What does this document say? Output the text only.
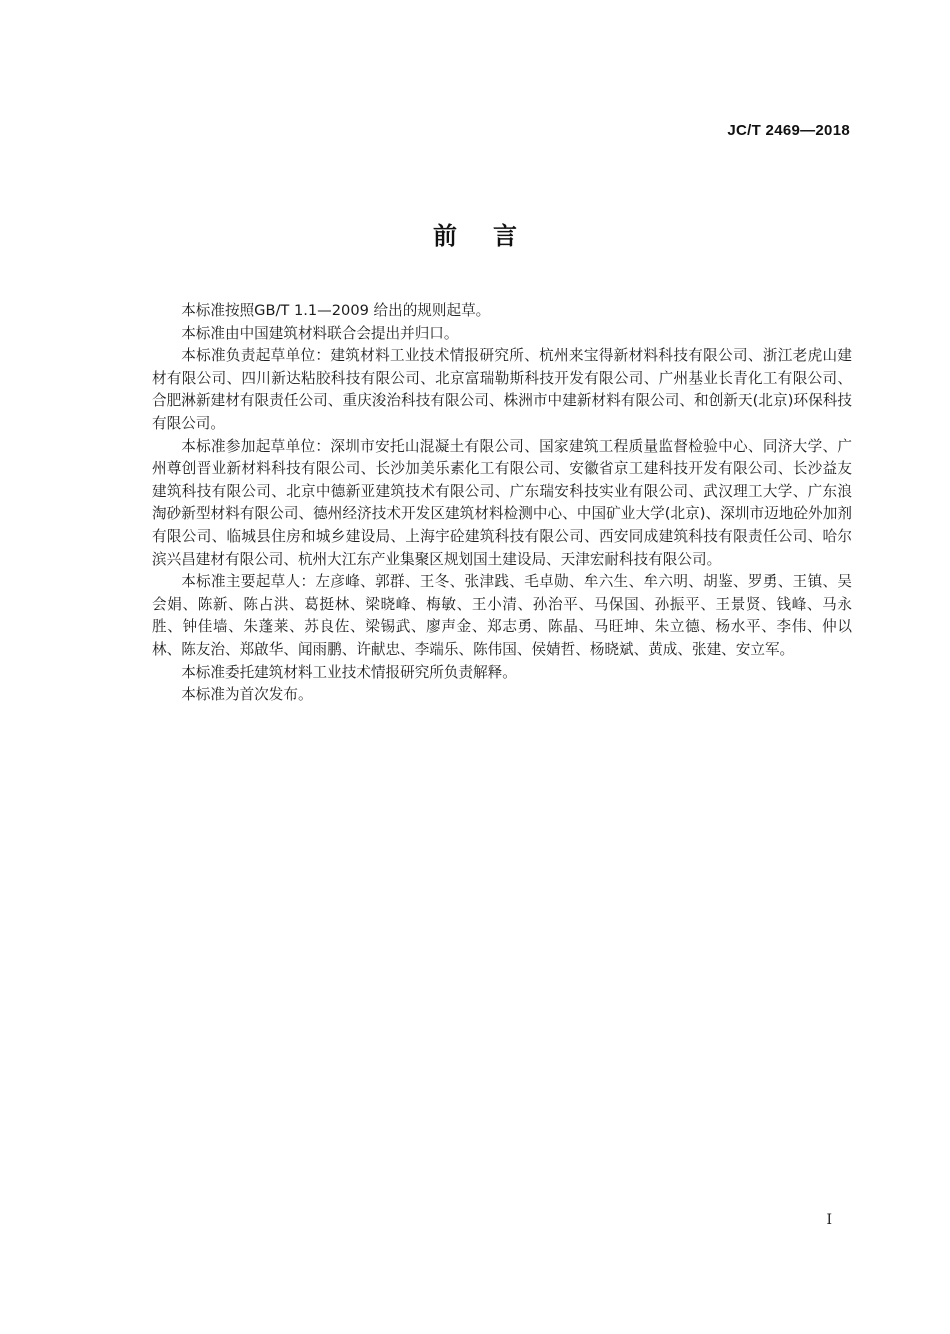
JC/T 2469—2018
前言

本标准按照GB/T 1.1—2009 给出的规则起草。

本标准由中国建筑材料联合会提出并归口。

本标准负责起草单位：建筑材料工业技术情报研究所、杭州来宝得新材料科技有限公司、浙江老虎山建材有限公司、四川新达粘胶科技有限公司、北京富瑞勒斯科技开发有限公司、广州基业长青化工有限公司、合肥淋新建材有限责任公司、重庆浚治科技有限公司、株洲市中建新材料有限公司、和创新天(北京)环保科技有限公司。

本标准参加起草单位：深圳市安托山混凝土有限公司、国家建筑工程质量监督检验中心、同济大学、广州尊创晋业新材料科技有限公司、长沙加美乐素化工有限公司、安徽省京工建科技开发有限公司、长沙益友建筑科技有限公司、北京中德新亚建筑技术有限公司、广东瑞安科技实业有限公司、武汉理工大学、广东浪淘砂新型材料有限公司、德州经济技术开发区建筑材料检测中心、中国矿业大学(北京)、深圳市迈地砼外加剂有限公司、临城县住房和城乡建设局、上海宇砼建筑科技有限公司、西安同成建筑科技有限责任公司、哈尔滨兴昌建材有限公司、杭州大江东产业集聚区规划国土建设局、天津宏耐科技有限公司。

本标准主要起草人：左彦峰、郭群、王冬、张津践、毛卓勋、牟六生、牟六明、胡鉴、罗勇、王镇、吴会娟、陈新、陈占洪、葛挺林、梁晓峰、梅敏、王小清、孙治平、马保国、孙振平、王景贤、钱峰、马永胜、钟佳墙、朱蓬莱、苏良佐、梁锡武、廖声金、郑志勇、陈晶、马旺坤、朱立德、杨水平、李伟、仲以林、陈友治、郑啟华、闻雨鹏、许献忠、李端乐、陈伟国、侯婧哲、杨晓斌、黄成、张建、安立军。

本标准委托建筑材料工业技术情报研究所负责解释。

本标准为首次发布。

I
